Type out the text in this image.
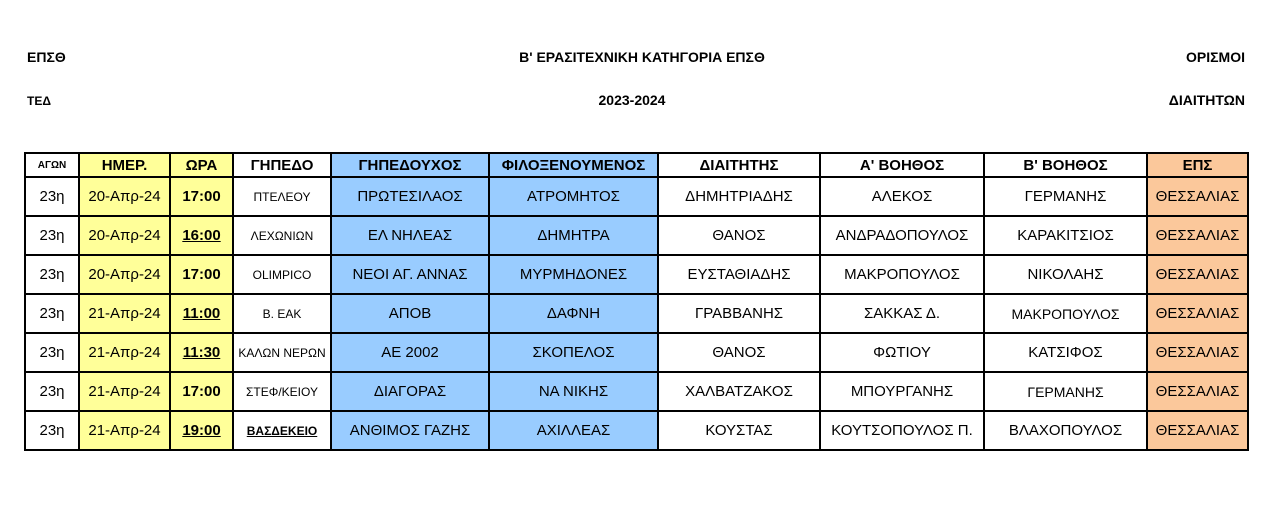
ΕΠΣΘ
ΤΕΔ
Β' ΕΡΑΣΙΤΕΧΝΙΚΗ ΚΑΤΗΓΟΡΙΑ ΕΠΣΘ
2023-2024
ΟΡΙΣΜΟΙ
ΔΙΑΙΤΗΤΩΝ
ΑΓΩΝ	ΗΜΕΡ.	ΩΡΑ	ΓΗΠΕΔΟ	ΓΗΠΕΔΟΥΧΟΣ	ΦΙΛΟΞΕΝΟΥΜΕΝΟΣ	ΔΙΑΙΤΗΤΗΣ	Α' ΒΟΗΘΟΣ	Β' ΒΟΗΘΟΣ	ΕΠΣ
23η	20-Απρ-24	17:00	ΠΤΕΛΕΟΥ	ΠΡΩΤΕΣΙΛΑΟΣ	ΑΤΡΟΜΗΤΟΣ	ΔΗΜΗΤΡΙΑΔΗΣ	ΑΛΕΚΟΣ	ΓΕΡΜΑΝΗΣ	ΘΕΣΣΑΛΙΑΣ
23η	20-Απρ-24	16:00	ΛΕΧΩΝΙΩΝ	ΕΛ ΝΗΛΕΑΣ	ΔΗΜΗΤΡΑ	ΘΑΝΟΣ	ΑΝΔΡΑΔΟΠΟΥΛΟΣ	ΚΑΡΑΚΙΤΣΙΟΣ	ΘΕΣΣΑΛΙΑΣ
23η	20-Απρ-24	17:00	OLIMPICO	ΝΕΟΙ ΑΓ. ΑΝΝΑΣ	ΜΥΡΜΗΔΟΝΕΣ	ΕΥΣΤΑΘΙΑΔΗΣ	ΜΑΚΡΟΠΟΥΛΟΣ	ΝΙΚΟΛΑΗΣ	ΘΕΣΣΑΛΙΑΣ
23η	21-Απρ-24	11:00	Β. ΕΑΚ	ΑΠΟΒ	ΔΑΦΝΗ	ΓΡΑΒΒΑΝΗΣ	ΣΑΚΚΑΣ Δ.	ΜΑΚΡΟΠΟΥΛΟΣ	ΘΕΣΣΑΛΙΑΣ
23η	21-Απρ-24	11:30	ΚΑΛΩΝ ΝΕΡΩΝ	ΑΕ 2002	ΣΚΟΠΕΛΟΣ	ΘΑΝΟΣ	ΦΩΤΙΟΥ	ΚΑΤΣΙΦΟΣ	ΘΕΣΣΑΛΙΑΣ
23η	21-Απρ-24	17:00	ΣΤΕΦ/ΚΕΙΟΥ	ΔΙΑΓΟΡΑΣ	ΝΑ ΝΙΚΗΣ	ΧΑΛΒΑΤΖΑΚΟΣ	ΜΠΟΥΡΓΑΝΗΣ	ΓΕΡΜΑΝΗΣ	ΘΕΣΣΑΛΙΑΣ
23η	21-Απρ-24	19:00	ΒΑΣΔΕΚΕΙΟ	ΑΝΘΙΜΟΣ ΓΑΖΗΣ	ΑΧΙΛΛΕΑΣ	ΚΟΥΣΤΑΣ	ΚΟΥΤΣΟΠΟΥΛΟΣ Π.	ΒΛΑΧΟΠΟΥΛΟΣ	ΘΕΣΣΑΛΙΑΣ
